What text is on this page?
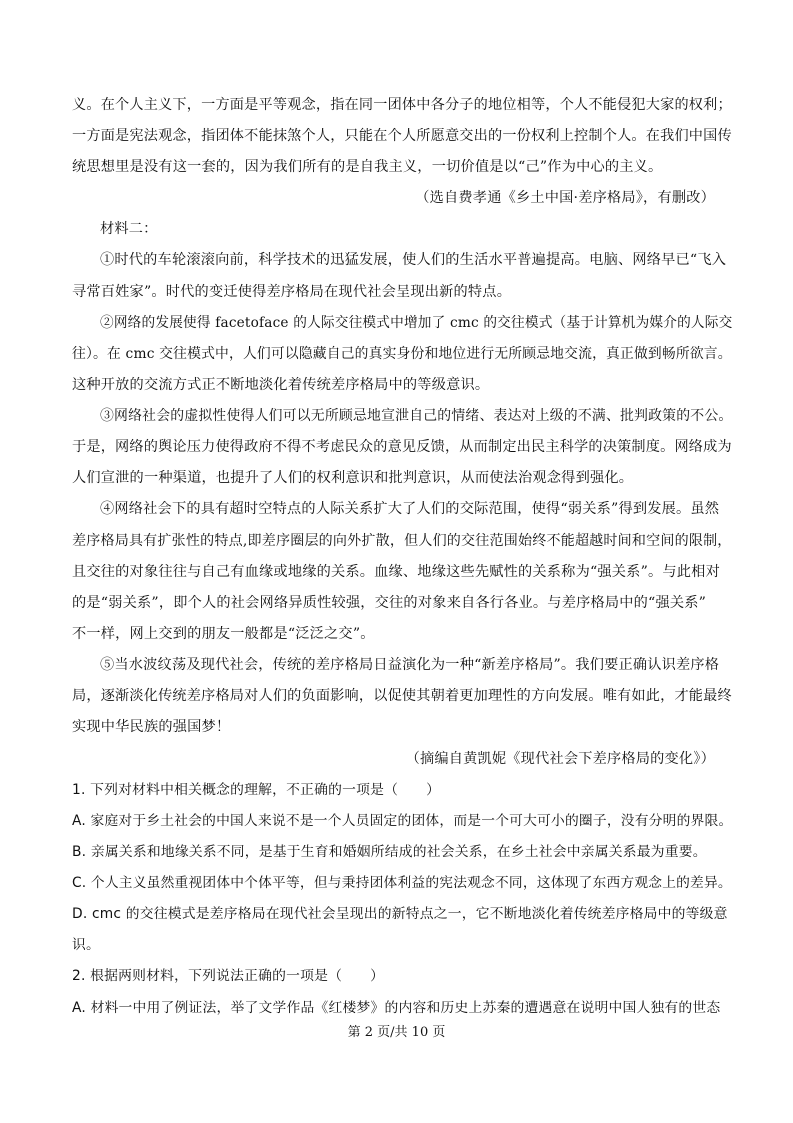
义。在个人主义下，一方面是平等观念，指在同一团体中各分子的地位相等，个人不能侵犯大家的权利；
一方面是宪法观念，指团体不能抹煞个人，只能在个人所愿意交出的一份权利上控制个人。在我们中国传
统思想里是没有这一套的，因为我们所有的是自我主义，一切价值是以“己”作为中心的主义。
（选自费孝通《乡土中国·差序格局》，有删改）
材料二：
①时代的车轮滚滚向前，科学技术的迅猛发展，使人们的生活水平普遍提高。电脑、网络早已“飞入
寻常百姓家”。时代的变迁使得差序格局在现代社会呈现出新的特点。
②网络的发展使得 facetoface 的人际交往模式中增加了 cmc 的交往模式（基于计算机为媒介的人际交
往）。在 cmc 交往模式中，人们可以隐藏自己的真实身份和地位进行无所顾忌地交流，真正做到畅所欲言。
这种开放的交流方式正不断地淡化着传统差序格局中的等级意识。
③网络社会的虚拟性使得人们可以无所顾忌地宣泄自己的情绪、表达对上级的不满、批判政策的不公。
于是，网络的舆论压力使得政府不得不考虑民众的意见反馈，从而制定出民主科学的决策制度。网络成为
人们宣泄的一种渠道，也提升了人们的权利意识和批判意识，从而使法治观念得到强化。
④网络社会下的具有超时空特点的人际关系扩大了人们的交际范围，使得“弱关系”得到发展。虽然
差序格局具有扩张性的特点,即差序圈层的向外扩散，但人们的交往范围始终不能超越时间和空间的限制，
且交往的对象往往与自己有血缘或地缘的关系。血缘、地缘这些先赋性的关系称为“强关系”。与此相对
的是“弱关系”，即个人的社会网络异质性较强，交往的对象来自各行各业。与差序格局中的“强关系”
不一样，网上交到的朋友一般都是“泛泛之交”。
⑤当水波纹荡及现代社会，传统的差序格局日益演化为一种“新差序格局”。我们要正确认识差序格
局，逐渐淡化传统差序格局对人们的负面影响，以促使其朝着更加理性的方向发展。唯有如此，才能最终
实现中华民族的强国梦！
（摘编自黄凯妮《现代社会下差序格局的变化》）
1. 下列对材料中相关概念的理解，不正确的一项是（　　）
A. 家庭对于乡土社会的中国人来说不是一个人员固定的团体，而是一个可大可小的圈子，没有分明的界限。
B. 亲属关系和地缘关系不同，是基于生育和婚姻所结成的社会关系，在乡土社会中亲属关系最为重要。
C. 个人主义虽然重视团体中个体平等，但与秉持团体利益的宪法观念不同，这体现了东西方观念上的差异。
D. cmc 的交往模式是差序格局在现代社会呈现出的新特点之一，它不断地淡化着传统差序格局中的等级意
识。
2. 根据两则材料，下列说法正确的一项是（　　）
A. 材料一中用了例证法，举了文学作品《红楼梦》的内容和历史上苏秦的遭遇意在说明中国人独有的世态
第 2 页/共 10 页
